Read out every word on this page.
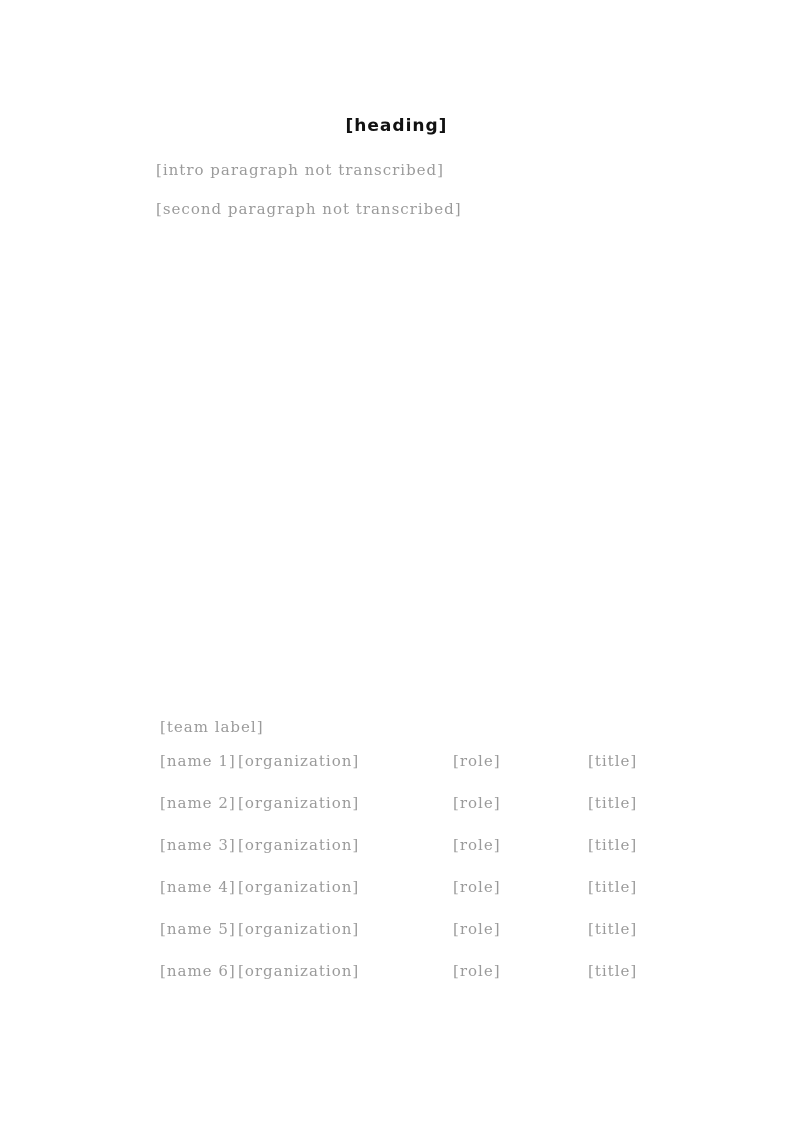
[heading]

[intro paragraph not transcribed]

[second paragraph not transcribed]

[team label]
[name 1] [organization]	[role]	[title]
[name 2] [organization]	[role]	[title]
[name 3] [organization]	[role]	[title]
[name 4] [organization]	[role]	[title]
[name 5] [organization]	[role]	[title]
[name 6] [organization]	[role]	[title]
